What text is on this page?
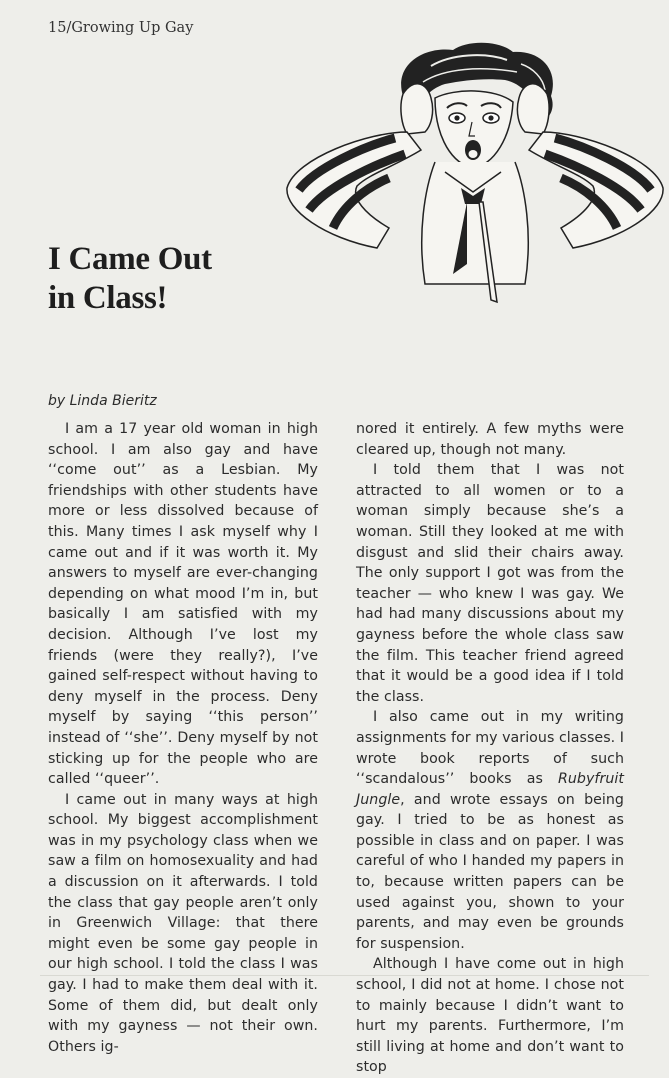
15/Growing Up Gay
I Came Out
in Class!
by Linda Bieritz

I am a 17 year old woman in high school. I am also gay and have ‘‘come out’’ as a Lesbian. My friendships with other students have more or less dissolved because of this. Many times I ask myself why I came out and if it was worth it. My answers to myself are ever-changing depending on what mood I’m in, but basically I am satisfied with my decision. Although I’ve lost my friends (were they really?), I’ve gained self-respect without having to deny myself in the process. Deny myself by saying ‘‘this person’’ instead of ‘‘she’’. Deny myself by not sticking up for the people who are called ‘‘queer’’.

I came out in many ways at high school. My biggest accomplishment was in my psychology class when we saw a film on homosexuality and had a discussion on it afterwards. I told the class that gay people aren’t only in Greenwich Village: that there might even be some gay people in our high school. I told the class I was gay. I had to make them deal with it. Some of them did, but dealt only with my gayness — not their own. Others ig-

nored it entirely. A few myths were cleared up, though not many.

I told them that I was not attracted to all women or to a woman simply because she’s a woman. Still they looked at me with disgust and slid their chairs away. The only support I got was from the teacher — who knew I was gay. We had had many discussions about my gayness before the whole class saw the film. This teacher friend agreed that it would be a good idea if I told the class.

I also came out in my writing assignments for my various classes. I wrote book reports of such ‘‘scandalous’’ books as Rubyfruit Jungle, and wrote essays on being gay. I tried to be as honest as possible in class and on paper. I was careful of who I handed my papers in to, because written papers can be used against you, shown to your parents, and may even be grounds for suspension.

Although I have come out in high school, I did not at home. I chose not to mainly because I didn’t want to hurt my parents. Furthermore, I’m still living at home and don’t want to stop
